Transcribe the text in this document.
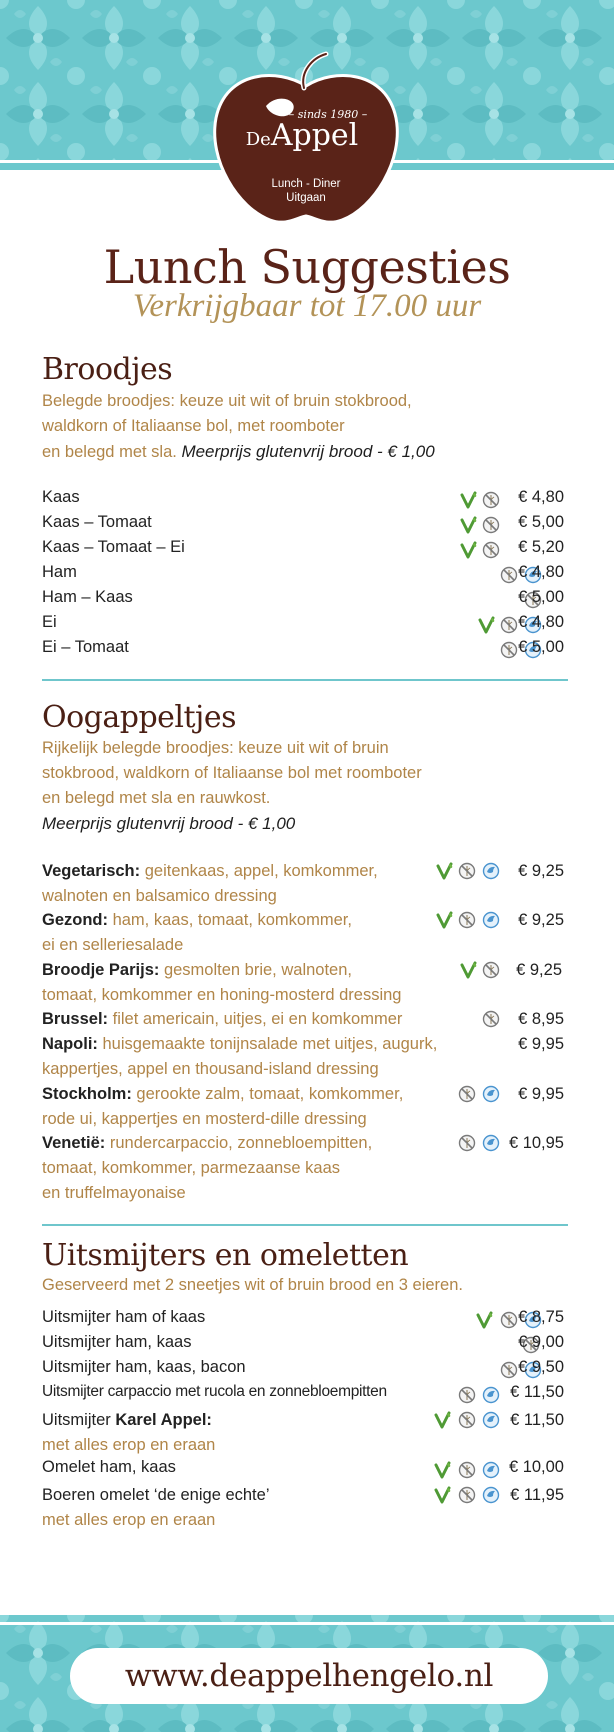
– sinds 1980 –
DeAppel
Lunch - Diner
Uitgaan
Lunch Suggesties
Verkrijgbaar tot 17.00 uur
Broodjes
Belegde broodjes: keuze uit wit of bruin stokbrood,
waldkorn of Italiaanse bol, met roomboter
en belegd met sla. Meerprijs glutenvrij brood - € 1,00
Kaas	€ 4,80
Kaas – Tomaat	€ 5,00
Kaas – Tomaat – Ei	€ 5,20
Ham	€ 4,80
Ham – Kaas	€ 5,00
Ei	€ 4,80
Ei – Tomaat	€ 5,00
Oogappeltjes
Rijkelijk belegde broodjes: keuze uit wit of bruin
stokbrood, waldkorn of Italiaanse bol met roomboter
en belegd met sla en rauwkost.
Meerprijs glutenvrij brood - € 1,00
Vegetarisch: geitenkaas, appel, komkommer,
walnoten en balsamico dressing
€ 9,25
Gezond: ham, kaas, tomaat, komkommer,
ei en selleriesalade
€ 9,25
Broodje Parijs: gesmolten brie, walnoten,
tomaat, komkommer en honing-mosterd dressing
€ 9,25
Brussel: filet americain, uitjes, ei en komkommer	€ 8,95
Napoli: huisgemaakte tonijnsalade met uitjes, augurk,
kappertjes, appel en thousand-island dressing
€ 9,95
Stockholm: gerookte zalm, tomaat, komkommer,
rode ui, kappertjes en mosterd-dille dressing
€ 9,95
Venetië: rundercarpaccio, zonnebloempitten,
tomaat, komkommer, parmezaanse kaas
en truffelmayonaise
€ 10,95
Uitsmijters en omeletten
Geserveerd met 2 sneetjes wit of bruin brood en 3 eieren.
Uitsmijter ham of kaas	€ 8,75
Uitsmijter ham, kaas	€ 9,00
Uitsmijter ham, kaas, bacon	€ 9,50
Uitsmijter carpaccio met rucola en zonnebloempitten	€ 11,50
Uitsmijter Karel Appel:
met alles erop en eraan
€ 11,50
Omelet ham, kaas	€ 10,00
Boeren omelet ‘de enige echte’
met alles erop en eraan
€ 11,95
www.deappelhengelo.nl
